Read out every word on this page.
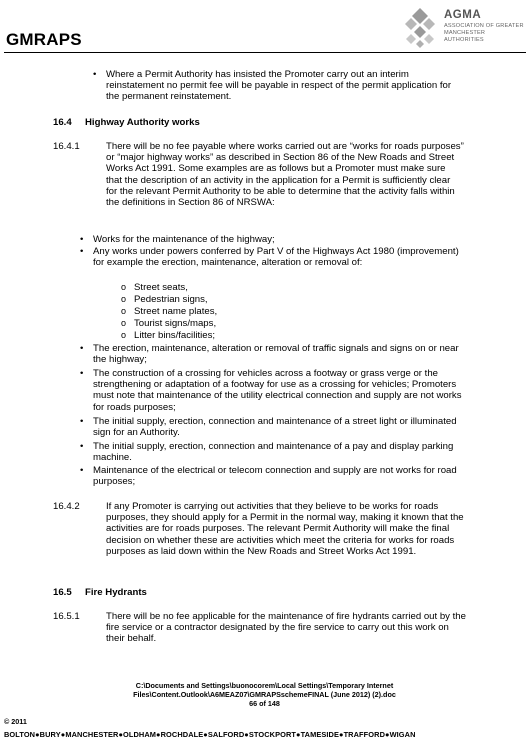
GMRAPS
AGMA
ASSOCIATION OF GREATER MANCHESTER AUTHORITIES
• Where a Permit Authority has insisted the Promoter carry out an interim reinstatement no permit fee will be payable in respect of the permit application for the permanent reinstatement.
16.4 Highway Authority works
16.4.1	There will be no fee payable where works carried out are “works for roads purposes” or “major highway works” as described in Section 86 of the New Roads and Street Works Act 1991. Some examples are as follows but a Promoter must make sure that the description of an activity in the application for a Permit is sufficiently clear for the relevant Permit Authority to be able to determine that the activity falls within the definitions in Section 86 of NRSWA:
• Works for the maintenance of the highway;
• Any works under powers conferred by Part V of the Highways Act 1980 (improvement) for example the erection, maintenance, alteration or removal of:
o Street seats,
o Pedestrian signs,
o Street name plates,
o Tourist signs/maps,
o Litter bins/facilities;
• The erection, maintenance, alteration or removal of traffic signals and signs on or near the highway;
• The construction of a crossing for vehicles across a footway or grass verge or the strengthening or adaptation of a footway for use as a crossing for vehicles; Promoters must note that maintenance of the utility electrical connection and supply are not works for roads purposes;
• The initial supply, erection, connection and maintenance of a street light or illuminated sign for an Authority.
• The initial supply, erection, connection and maintenance of a pay and display parking machine.
• Maintenance of the electrical or telecom connection and supply are not works for road purposes;
16.4.2	If any Promoter is carrying out activities that they believe to be works for roads purposes, they should apply for a Permit in the normal way, making it known that the activities are for roads purposes. The relevant Permit Authority will make the final decision on whether these are activities which meet the criteria for works for roads purposes as laid down within the New Roads and Street Works Act 1991.
16.5 Fire Hydrants
16.5.1	There will be no fee applicable for the maintenance of fire hydrants carried out by the fire service or a contractor designated by the fire service to carry out this work on their behalf.
C:\Documents and Settings\buonocorem\Local Settings\Temporary Internet
Files\Content.Outlook\A6MEAZ07\GMRAPSschemeFINAL (June 2012) (2).doc
66 of 148
© 2011
BOLTON●BURY●MANCHESTER●OLDHAM●ROCHDALE●SALFORD●STOCKPORT●TAMESIDE●TRAFFORD●WIGAN
